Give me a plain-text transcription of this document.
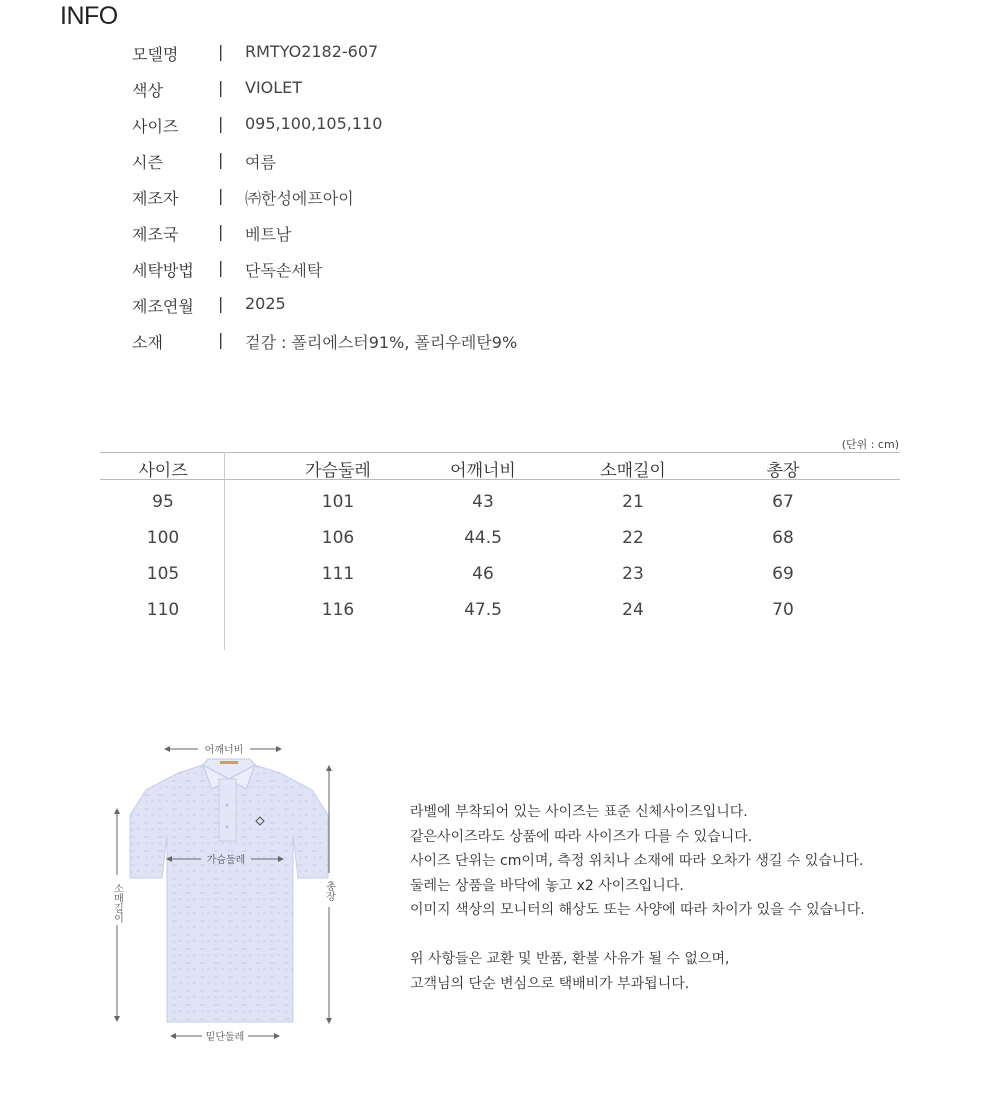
INFO
모델명 | RMTYO2182-607
색상	| VIOLET
사이즈 | 095,100,105,110
시즌	| 여름
제조자 | ㈜한성에프아이
제조국 | 베트남
세탁방법 | 단독손세탁
제조연월 | 2025
소재	| 겉감 : 폴리에스터91%, 폴리우레탄9%
(단위 : cm)
사이즈	가슴둘레	어깨너비	소매길이	총장
95	101	43	21	67
100	106	44.5	22	68
105	111	46	23	69
110	116	47.5	24	70
어깨너비
가슴둘레
소매길이	총장
밑단둘레
라벨에 부착되어 있는 사이즈는 표준 신체사이즈입니다.
같은사이즈라도 상품에 따라 사이즈가 다를 수 있습니다.
사이즈 단위는 cm이며, 측정 위치나 소재에 따라 오차가 생길 수 있습니다.
둘레는 상품을 바닥에 놓고 x2 사이즈입니다.
이미지 색상의 모니터의 해상도 또는 사양에 따라 차이가 있을 수 있습니다.
위 사항들은 교환 및 반품, 환불 사유가 될 수 없으며,
고객님의 단순 변심으로 택배비가 부과됩니다.
